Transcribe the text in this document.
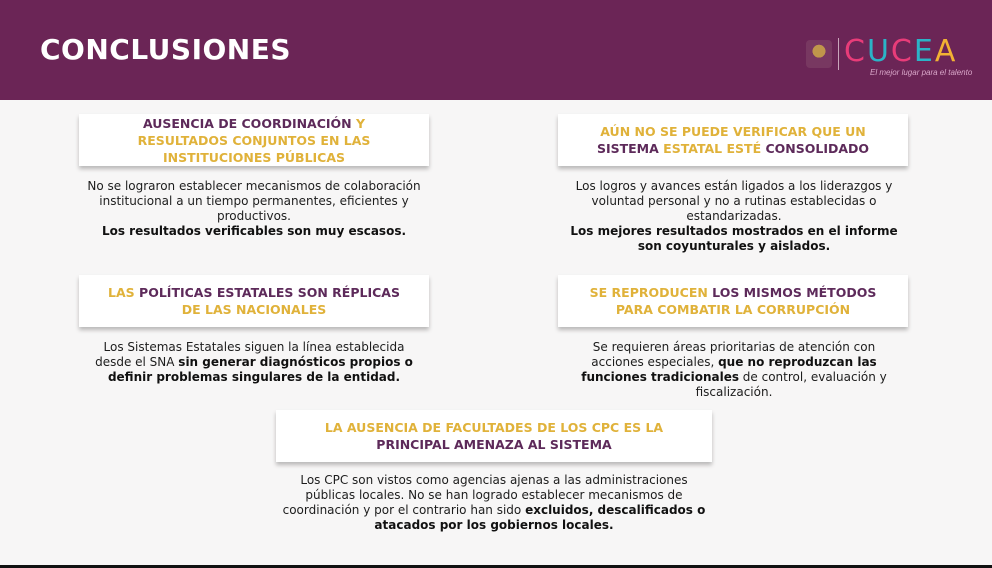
CONCLUSIONES	CUCEA
El mejor lugar para el talento
AUSENCIA DE COORDINACIÓN Y RESULTADOS CONJUNTOS EN LAS INSTITUCIONES PÚBLICAS
No se lograron establecer mecanismos de colaboración institucional a un tiempo permanentes, eficientes y productivos.
Los resultados verificables son muy escasos.
AÚN NO SE PUEDE VERIFICAR QUE UN SISTEMA ESTATAL ESTÉ CONSOLIDADO
Los logros y avances están ligados a los liderazgos y voluntad personal y no a rutinas establecidas o estandarizadas.
Los mejores resultados mostrados en el informe son coyunturales y aislados.
LAS POLÍTICAS ESTATALES SON RÉPLICAS DE LAS NACIONALES
Los Sistemas Estatales siguen la línea establecida desde el SNA sin generar diagnósticos propios o definir problemas singulares de la entidad.
SE REPRODUCEN LOS MISMOS MÉTODOS PARA COMBATIR LA CORRUPCIÓN
Se requieren áreas prioritarias de atención con acciones especiales, que no reproduzcan las funciones tradicionales de control, evaluación y fiscalización.
LA AUSENCIA DE FACULTADES DE LOS CPC ES LA PRINCIPAL AMENAZA AL SISTEMA
Los CPC son vistos como agencias ajenas a las administraciones públicas locales. No se han logrado establecer mecanismos de coordinación y por el contrario han sido excluidos, descalificados o atacados por los gobiernos locales.
